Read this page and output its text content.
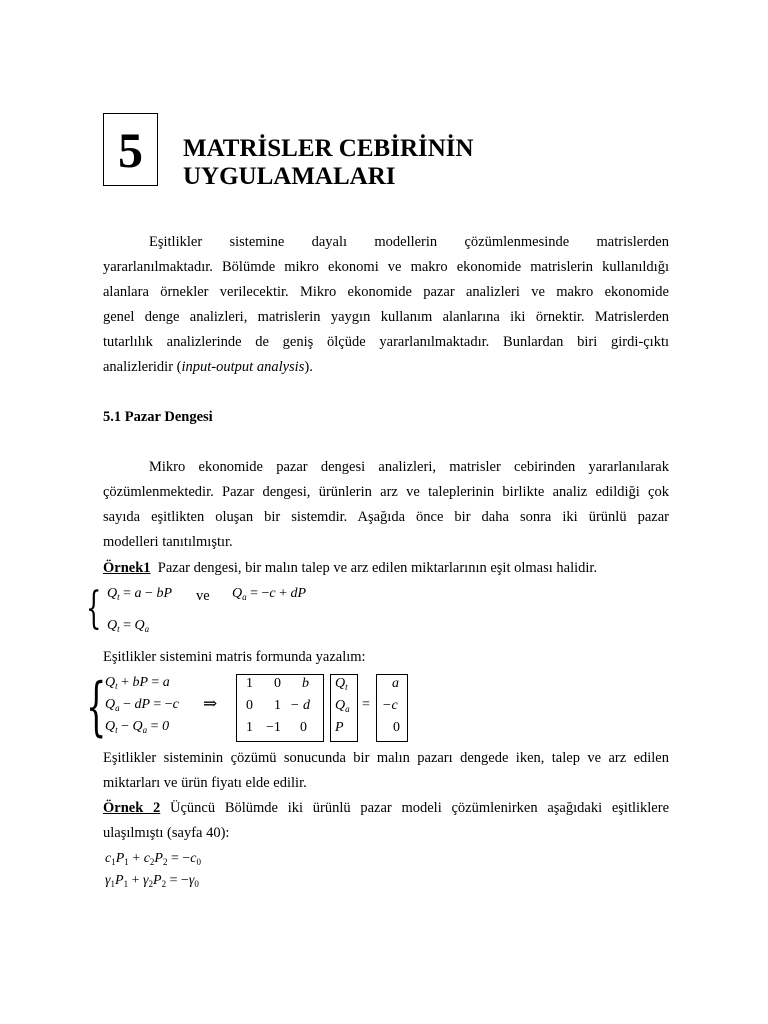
5 MATRİSLER CEBİRİNİN
UYGULAMALARI
Eşitlikler sistemine dayalı modellerin çözümlenmesinde matrislerden
yararlanılmaktadır. Bölümde mikro ekonomi ve makro ekonomide matrislerin kullanıldığı
alanlara örnekler verilecektir. Mikro ekonomide pazar analizleri ve makro ekonomide
genel denge analizleri, matrislerin yaygın kullanım alanlarına iki örnektir. Matrislerden
tutarlılık analizlerinde de geniş ölçüde yararlanılmaktadır. Bunlardan biri girdi-çıktı
analizleridir (input-output analysis).
5.1 Pazar Dengesi
Mikro ekonomide pazar dengesi analizleri, matrisler cebirinden yararlanılarak
çözümlenmektedir. Pazar dengesi, ürünlerin arz ve taleplerinin birlikte analiz edildiği çok
sayıda eşitlikten oluşan bir sistemdir. Aşağıda önce bir daha sonra iki ürünlü pazar
modelleri tanıtılmıştır.
Örnek1 Pazar dengesi, bir malın talep ve arz edilen miktarlarının eşit olması halidir.
{ $Q_t = a$ − bP ve $Q_a = -c$ + dP
$Q_t = Q_a$
Eşitlikler sistemini matris formunda yazalım:
{
$Q_t$ + bP = a
$Q_a$ − dP = −c
$Q_t - Q_a = 0$
⇒
1 0 b
0 1 − d
1 −1 0
$Q_t$
$Q_a$
P
=
a
−c
0
Eşitlikler sisteminin çözümü sonucunda bir malın pazarı dengede iken, talep ve arz edilen
miktarları ve ürün fiyatı elde edilir.
Örnek 2 Üçüncü Bölümde iki ürünlü pazar modeli çözümlenirken aşağıdaki eşitliklere
ulaşılmıştı (sayfa 40):
$c_1P_1 + c_2P_2 = -c_0$
$\gamma_1P_1 + \gamma_2P_2 = -\gamma_0$
